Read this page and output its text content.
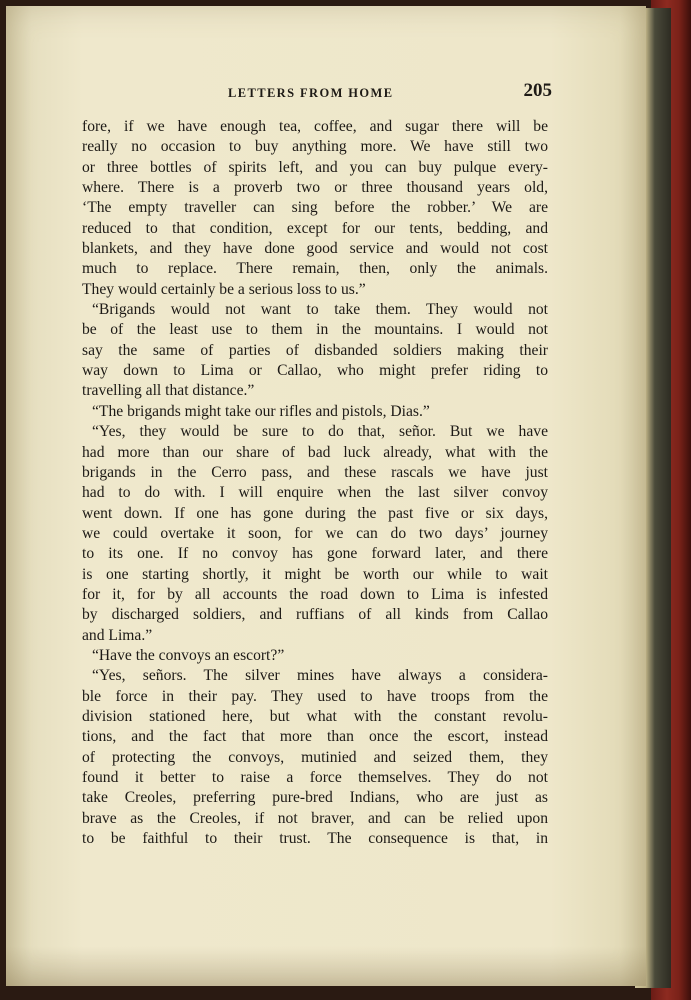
LETTERS FROM HOME	205
fore, if we have enough tea, coffee, and sugar there will be
really no occasion to buy anything more. We have still two
or three bottles of spirits left, and you can buy pulque every-
where. There is a proverb two or three thousand years old,
‘The empty traveller can sing before the robber.’ We are
reduced to that condition, except for our tents, bedding, and
blankets, and they have done good service and would not cost
much to replace. There remain, then, only the animals.
They would certainly be a serious loss to us.”
“Brigands would not want to take them. They would not
be of the least use to them in the mountains. I would not
say the same of parties of disbanded soldiers making their
way down to Lima or Callao, who might prefer riding to
travelling all that distance.”
“The brigands might take our rifles and pistols, Dias.”
“Yes, they would be sure to do that, señor. But we have
had more than our share of bad luck already, what with the
brigands in the Cerro pass, and these rascals we have just
had to do with. I will enquire when the last silver convoy
went down. If one has gone during the past five or six days,
we could overtake it soon, for we can do two days’ journey
to its one. If no convoy has gone forward later, and there
is one starting shortly, it might be worth our while to wait
for it, for by all accounts the road down to Lima is infested
by discharged soldiers, and ruffians of all kinds from Callao
and Lima.”
“Have the convoys an escort?”
“Yes, señors. The silver mines have always a considera-
ble force in their pay. They used to have troops from the
division stationed here, but what with the constant revolu-
tions, and the fact that more than once the escort, instead
of protecting the convoys, mutinied and seized them, they
found it better to raise a force themselves. They do not
take Creoles, preferring pure-bred Indians, who are just as
brave as the Creoles, if not braver, and can be relied upon
to be faithful to their trust. The consequence is that, in
